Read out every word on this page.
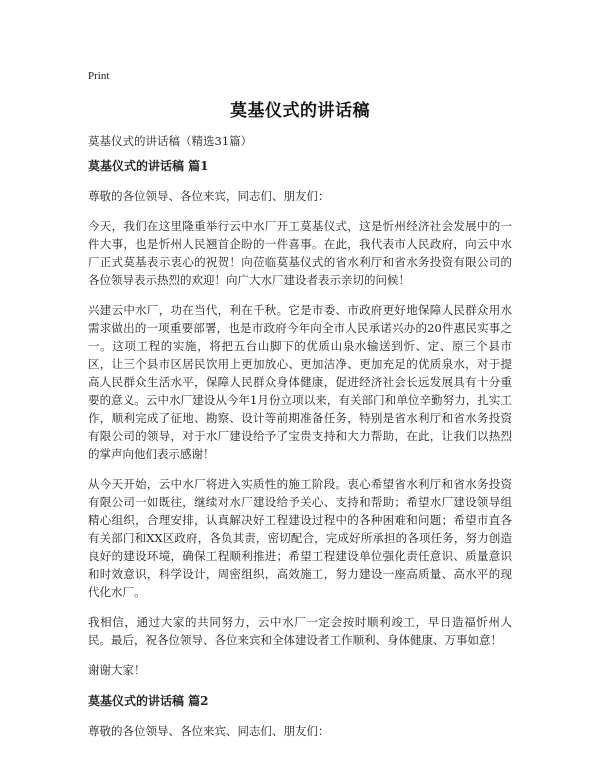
Print
莫基仪式的讲话稿
莫基仪式的讲话稿（精选31篇）
莫基仪式的讲话稿 篇1

尊敬的各位领导、各位来宾，同志们、朋友们：

今天，我们在这里隆重举行云中水厂开工莫基仪式，这是忻州经济社会发展中的一件大事，也是忻州人民翘首企盼的一件喜事。在此，我代表市人民政府，向云中水厂正式莫基表示衷心的祝贺！向莅临莫基仪式的省水利厅和省水务投资有限公司的各位领导表示热烈的欢迎！向广大水厂建设者表示亲切的问候！

兴建云中水厂，功在当代，利在千秋。它是市委、市政府更好地保障人民群众用水需求做出的一项重要部署，也是市政府今年向全市人民承诺兴办的20件惠民实事之一。这项工程的实施，将把五台山脚下的优质山泉水输送到忻、定、原三个县市区，让三个县市区居民饮用上更加放心、更加洁净、更加充足的优质泉水，对于提高人民群众生活水平，保障人民群众身体健康，促进经济社会长远发展具有十分重要的意义。云中水厂建设从今年1月份立项以来，有关部门和单位辛勤努力，扎实工作，顺利完成了征地、勘察、设计等前期准备任务，特别是省水利厅和省水务投资有限公司的领导，对于水厂建设给予了宝贵支持和大力帮助，在此，让我们以热烈的掌声向他们表示感谢！

从今天开始，云中水厂将进入实质性的施工阶段。衷心希望省水利厅和省水务投资有限公司一如既往，继续对水厂建设给予关心、支持和帮助；希望水厂建设领导组精心组织，合理安排，认真解决好工程建设过程中的各种困难和问题；希望市直各有关部门和XX区政府，各负其责，密切配合，完成好所承担的各项任务，努力创造良好的建设环境，确保工程顺利推进；希望工程建设单位强化责任意识、质量意识和时效意识，科学设计，周密组织，高效施工，努力建设一座高质量、高水平的现代化水厂。

我相信，通过大家的共同努力，云中水厂一定会按时顺利竣工，早日造福忻州人民。最后，祝各位领导、各位来宾和全体建设者工作顺利、身体健康、万事如意！

谢谢大家！

莫基仪式的讲话稿 篇2

尊敬的各位领导、各位来宾、同志们、朋友们：
